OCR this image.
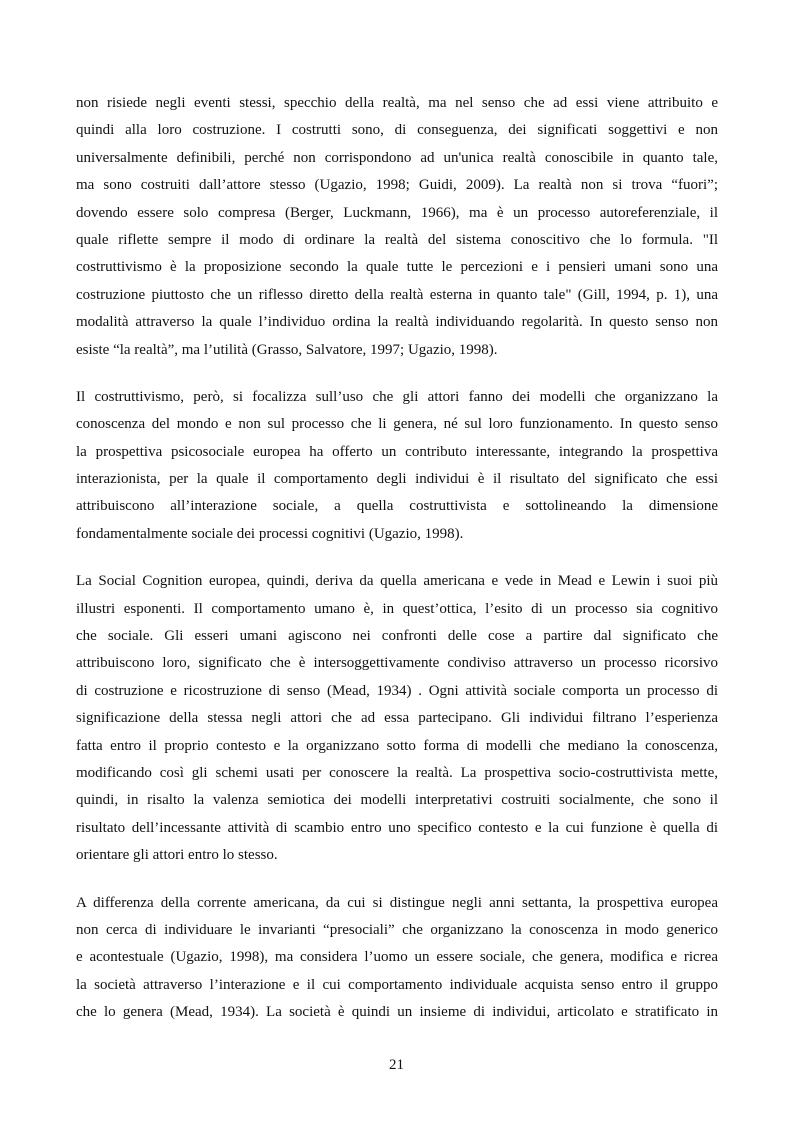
non risiede negli eventi stessi, specchio della realtà, ma nel senso che ad essi viene attribuito e
quindi alla loro costruzione. I costrutti sono, di conseguenza, dei significati soggettivi e non
universalmente definibili, perché non corrispondono ad un'unica realtà conoscibile in quanto tale,
ma sono costruiti dall’attore stesso (Ugazio, 1998; Guidi, 2009). La realtà non si trova “fuori”;
dovendo essere solo compresa (Berger, Luckmann, 1966), ma è un processo autoreferenziale, il
quale riflette sempre il modo di ordinare la realtà del sistema conoscitivo che lo formula. "Il
costruttivismo è la proposizione secondo la quale tutte le percezioni e i pensieri umani sono una
costruzione piuttosto che un riflesso diretto della realtà esterna in quanto tale" (Gill, 1994, p. 1), una
modalità attraverso la quale l’individuo ordina la realtà individuando regolarità. In questo senso non
esiste “la realtà”, ma l’utilità (Grasso, Salvatore, 1997; Ugazio, 1998).

Il costruttivismo, però, si focalizza sull’uso che gli attori fanno dei modelli che organizzano la
conoscenza del mondo e non sul processo che li genera, né sul loro funzionamento. In questo senso
la prospettiva psicosociale europea ha offerto un contributo interessante, integrando la prospettiva
interazionista, per la quale il comportamento degli individui è il risultato del significato che essi
attribuiscono all’interazione sociale, a quella costruttivista e sottolineando la dimensione
fondamentalmente sociale dei processi cognitivi (Ugazio, 1998).

La Social Cognition europea, quindi, deriva da quella americana e vede in Mead e Lewin i suoi più
illustri esponenti. Il comportamento umano è, in quest’ottica, l’esito di un processo sia cognitivo
che sociale. Gli esseri umani agiscono nei confronti delle cose a partire dal significato che
attribuiscono loro, significato che è intersoggettivamente condiviso attraverso un processo ricorsivo
di costruzione e ricostruzione di senso (Mead, 1934) . Ogni attività sociale comporta un processo di
significazione della stessa negli attori che ad essa partecipano. Gli individui filtrano l’esperienza
fatta entro il proprio contesto e la organizzano sotto forma di modelli che mediano la conoscenza,
modificando così gli schemi usati per conoscere la realtà. La prospettiva socio-costruttivista mette,
quindi, in risalto la valenza semiotica dei modelli interpretativi costruiti socialmente, che sono il
risultato dell’incessante attività di scambio entro uno specifico contesto e la cui funzione è quella di
orientare gli attori entro lo stesso.

A differenza della corrente americana, da cui si distingue negli anni settanta, la prospettiva europea
non cerca di individuare le invarianti “presociali” che organizzano la conoscenza in modo generico
e acontestuale (Ugazio, 1998), ma considera l’uomo un essere sociale, che genera, modifica e ricrea
la società attraverso l’interazione e il cui comportamento individuale acquista senso entro il gruppo
che lo genera (Mead, 1934). La società è quindi un insieme di individui, articolato e stratificato in

21
